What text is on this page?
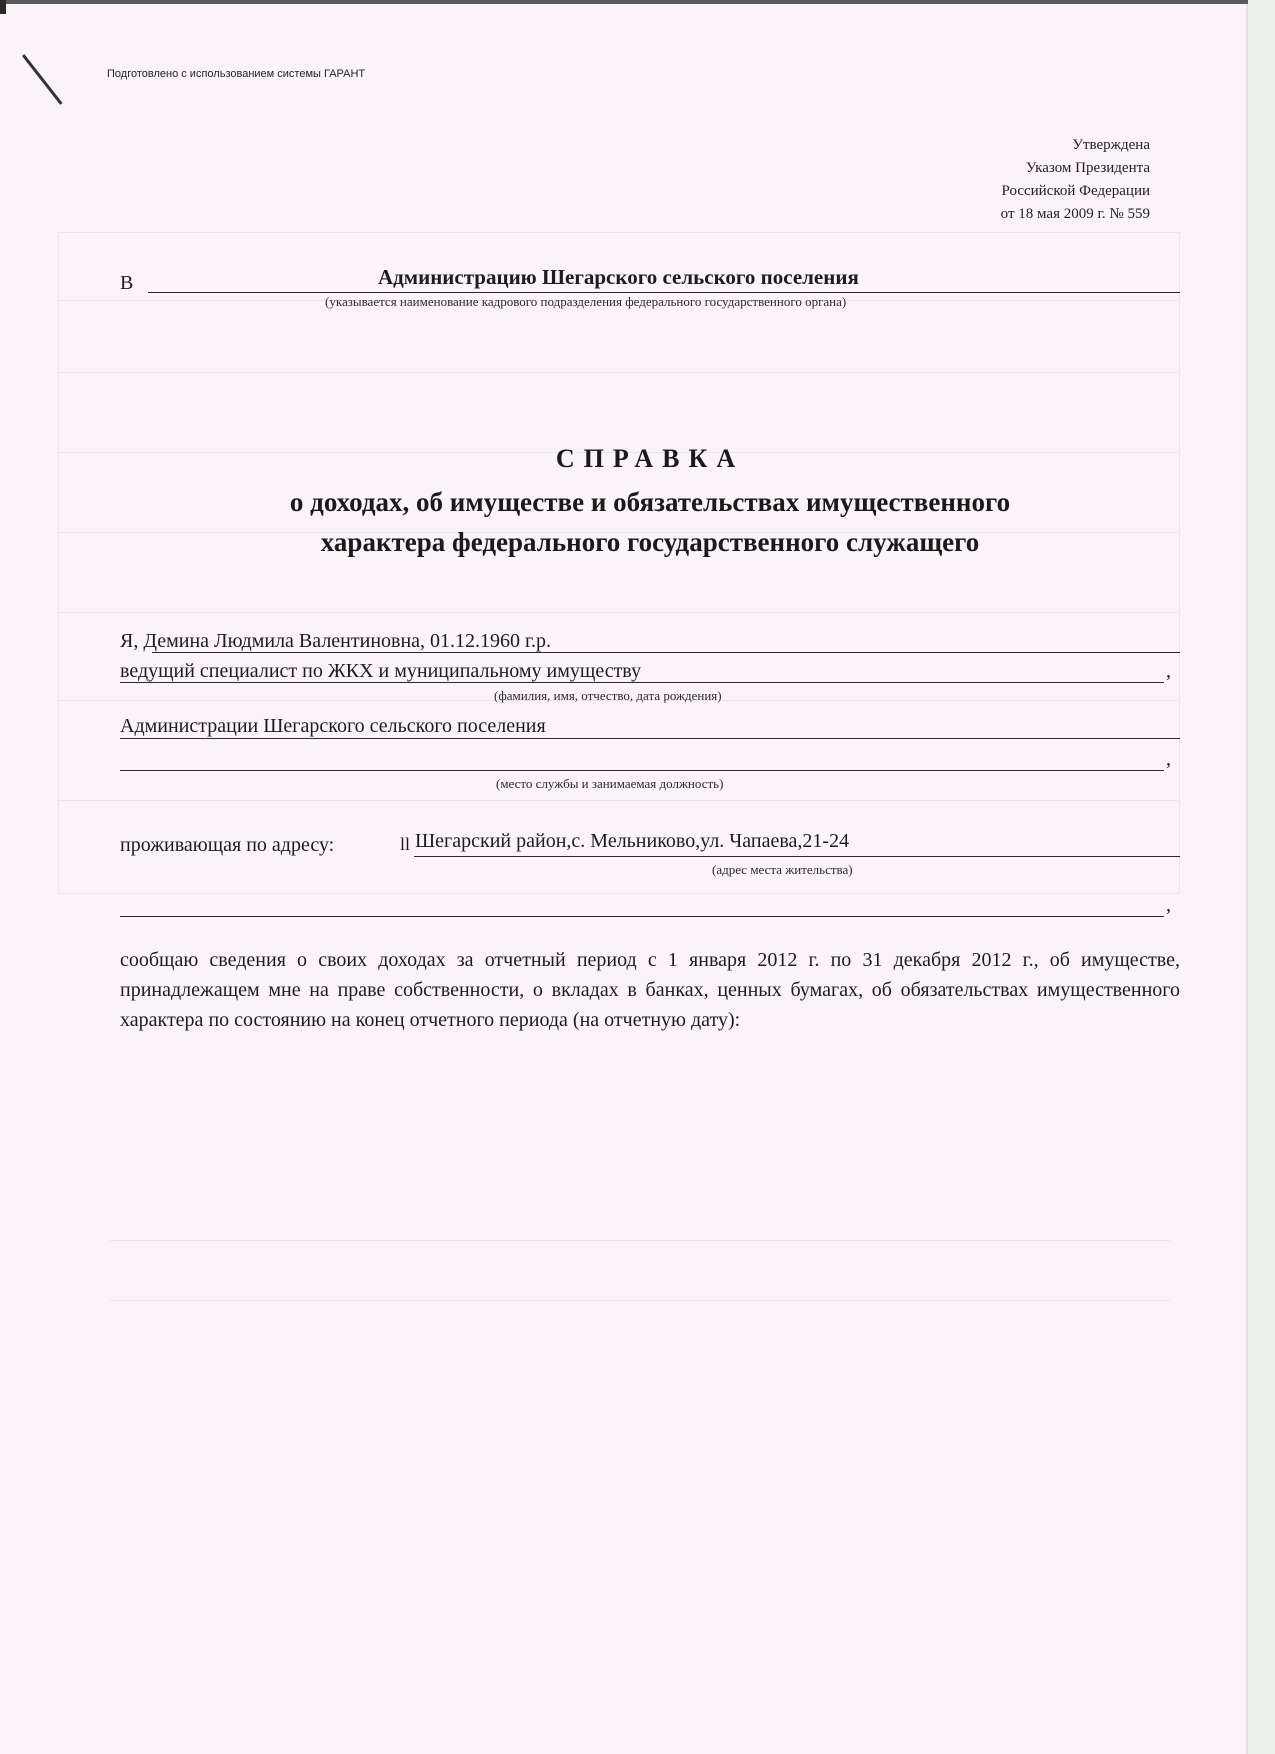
Подготовлено с использованием системы ГАРАНТ
Утверждена
Указом Президента
Российской Федерации
от 18 мая 2009 г. № 559
В	Администрацию Шегарского сельского поселения
(указывается наименование кадрового подразделения федерального государственного органа)
СПРАВКА
о доходах, об имуществе и обязательствах имущественного
характера федерального государственного служащего
Я, Демина Людмила Валентиновна, 01.12.1960 г.р.
ведущий специалист по ЖКХ и муниципальному имуществу	,
(фамилия, имя, отчество, дата рождения)
Администрации Шегарского сельского поселения
,
(место службы и занимаемая должность)
проживающая по адресу:	ll Шегарский район,с. Мельниково,ул. Чапаева,21-24
(адрес места жительства)
,
сообщаю сведения о своих доходах за отчетный период с 1 января 2012 г. по 31 декабря 2012 г., об имуществе, принадлежащем мне на праве собственности, о вкладах в банках, ценных бумагах, об обязательствах имущественного характера по состоянию на конец отчетного периода (на отчетную дату):
